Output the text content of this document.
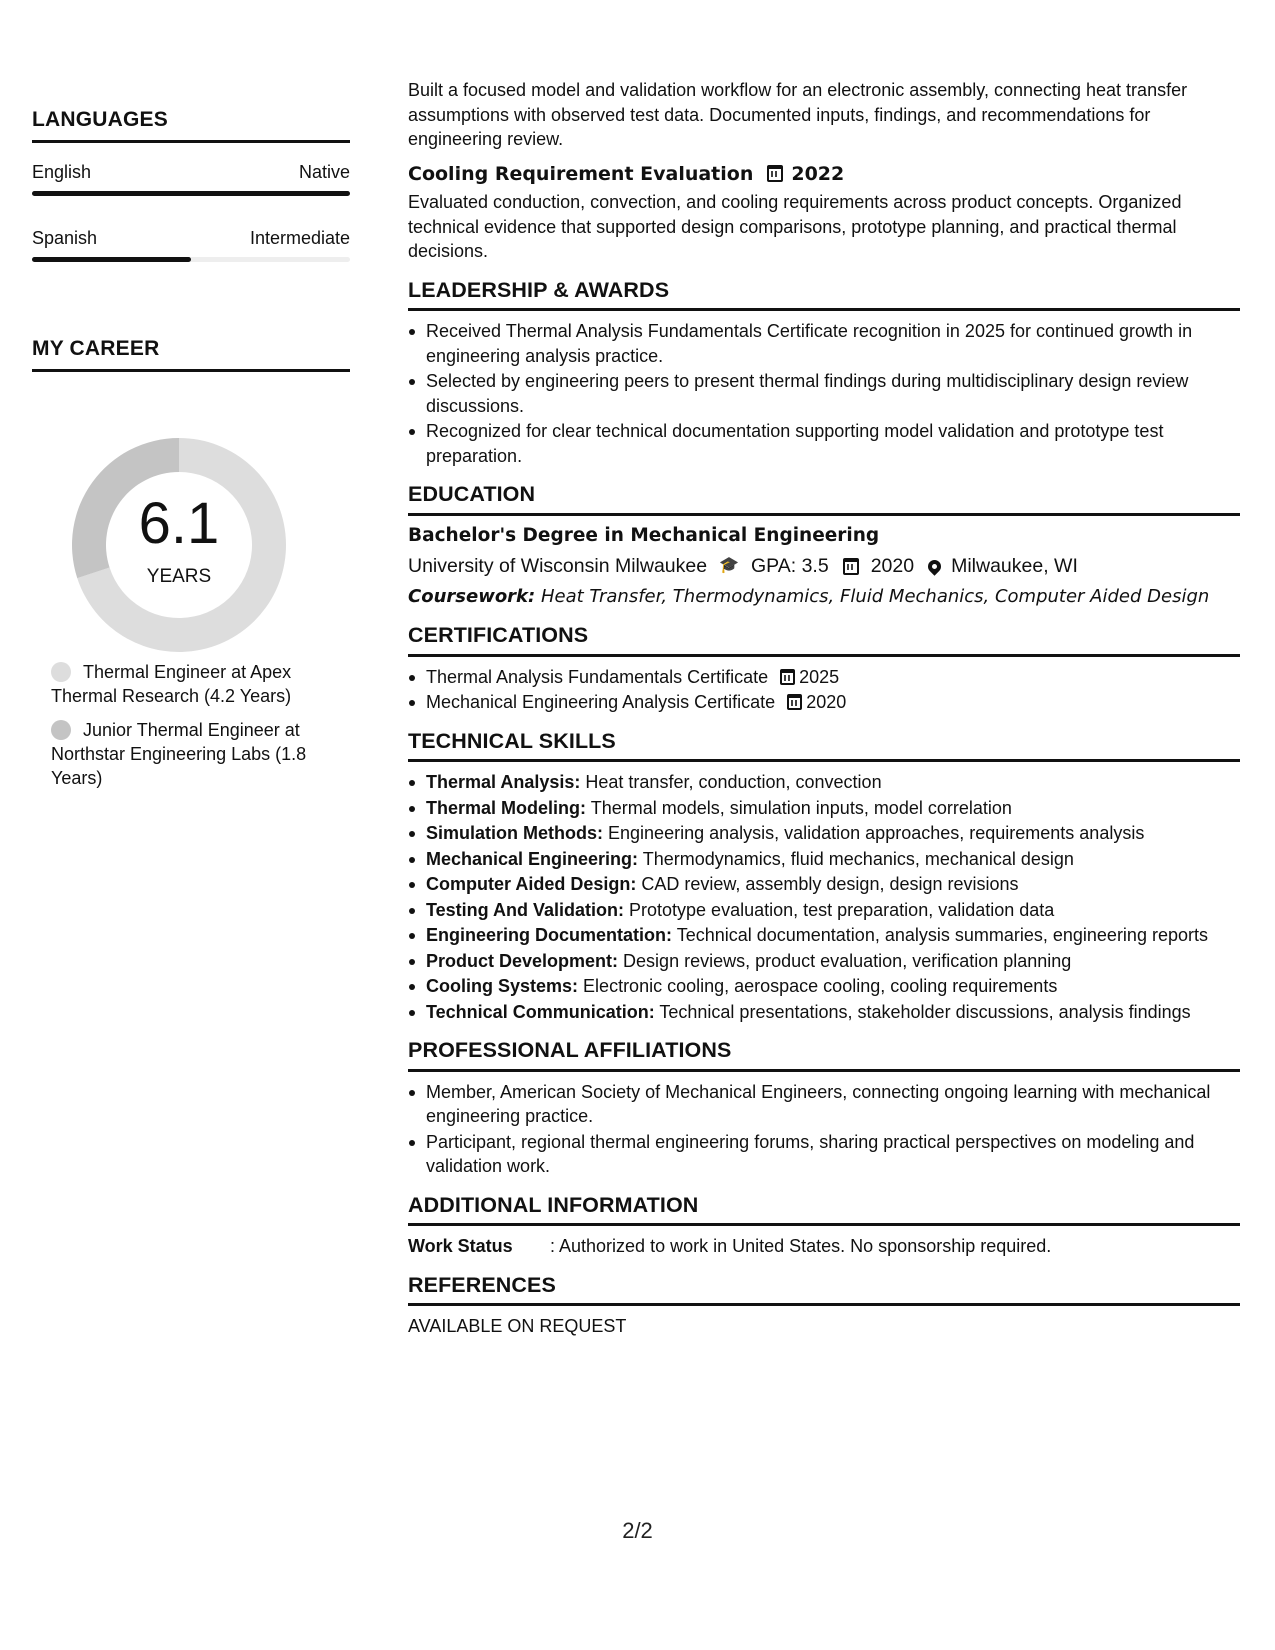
LANGUAGES
English	Native
Spanish	Intermediate
MY CAREER
6.1
YEARS
Thermal Engineer at Apex Thermal Research (4.2 Years)
Junior Thermal Engineer at Northstar Engineering Labs (1.8 Years)
Built a focused model and validation workflow for an electronic assembly, connecting heat transfer assumptions with observed test data. Documented inputs, findings, and recommendations for engineering review.
Cooling Requirement Evaluation 2022
Evaluated conduction, convection, and cooling requirements across product concepts. Organized technical evidence that supported design comparisons, prototype planning, and practical thermal decisions.
LEADERSHIP & AWARDS
Received Thermal Analysis Fundamentals Certificate recognition in 2025 for continued growth in engineering analysis practice.
Selected by engineering peers to present thermal findings during multidisciplinary design review discussions.
Recognized for clear technical documentation supporting model validation and prototype test preparation.
EDUCATION
Bachelor's Degree in Mechanical Engineering
University of Wisconsin Milwaukee 🎓 GPA: 3.5 2020 Milwaukee, WI
Coursework: Heat Transfer, Thermodynamics, Fluid Mechanics, Computer Aided Design
CERTIFICATIONS
Thermal Analysis Fundamentals Certificate 2025
Mechanical Engineering Analysis Certificate 2020
TECHNICAL SKILLS
Thermal Analysis: Heat transfer, conduction, convection
Thermal Modeling: Thermal models, simulation inputs, model correlation
Simulation Methods: Engineering analysis, validation approaches, requirements analysis
Mechanical Engineering: Thermodynamics, fluid mechanics, mechanical design
Computer Aided Design: CAD review, assembly design, design revisions
Testing And Validation: Prototype evaluation, test preparation, validation data
Engineering Documentation: Technical documentation, analysis summaries, engineering reports
Product Development: Design reviews, product evaluation, verification planning
Cooling Systems: Electronic cooling, aerospace cooling, cooling requirements
Technical Communication: Technical presentations, stakeholder discussions, analysis findings
PROFESSIONAL AFFILIATIONS
Member, American Society of Mechanical Engineers, connecting ongoing learning with mechanical engineering practice.
Participant, regional thermal engineering forums, sharing practical perspectives on modeling and validation work.
ADDITIONAL INFORMATION
Work Status	: Authorized to work in United States. No sponsorship required.
REFERENCES
AVAILABLE ON REQUEST
2/2
